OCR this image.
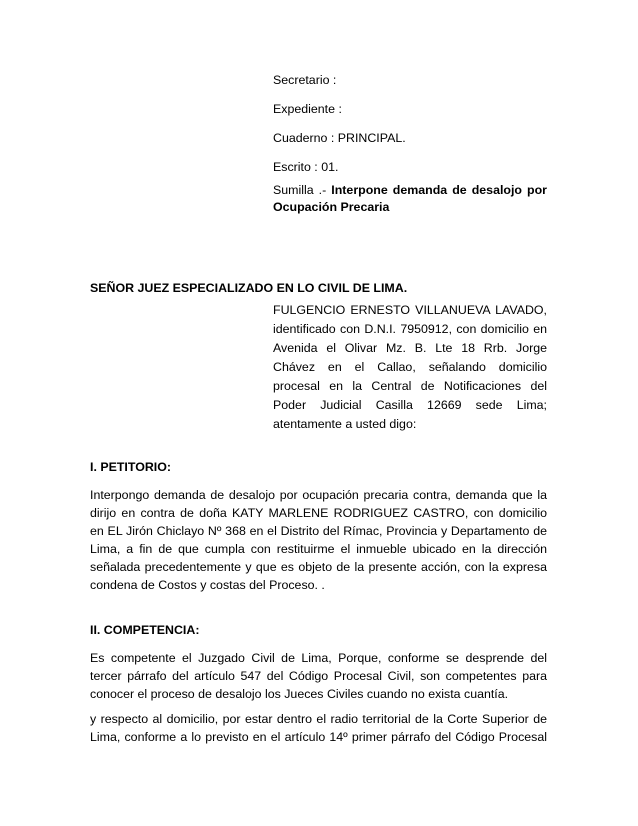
Secretario :

Expediente :

Cuaderno : PRINCIPAL.

Escrito : 01.

Sumilla .- Interpone demanda de desalojo por

Ocupación Precaria

SEÑOR JUEZ ESPECIALIZADO EN LO CIVIL DE LIMA.

FULGENCIO ERNESTO VILLANUEVA LAVADO,

identificado con D.N.I. 7950912, con domicilio en

Avenida el Olivar Mz. B. Lte 18 Rrb. Jorge

Chávez en el Callao, señalando domicilio

procesal en la Central de Notificaciones del

Poder Judicial Casilla 12669 sede Lima;

atentamente a usted digo:

I. PETITORIO:

Interpongo demanda de desalojo por ocupación precaria contra, demanda que la

dirijo en contra de doña KATY MARLENE RODRIGUEZ CASTRO, con domicilio

en EL Jirón Chiclayo Nº 368 en el Distrito del Rímac, Provincia y Departamento de

Lima, a fin de que cumpla con restituirme el inmueble ubicado en la dirección

señalada precedentemente y que es objeto de la presente acción, con la expresa

condena de Costos y costas del Proceso. .

II. COMPETENCIA:

Es competente el Juzgado Civil de Lima, Porque, conforme se desprende del

tercer párrafo del artículo 547 del Código Procesal Civil, son competentes para

conocer el proceso de desalojo los Jueces Civiles cuando no exista cuantía.

y respecto al domicilio, por estar dentro el radio territorial de la Corte Superior de

Lima, conforme a lo previsto en el artículo 14º primer párrafo del Código Procesal
